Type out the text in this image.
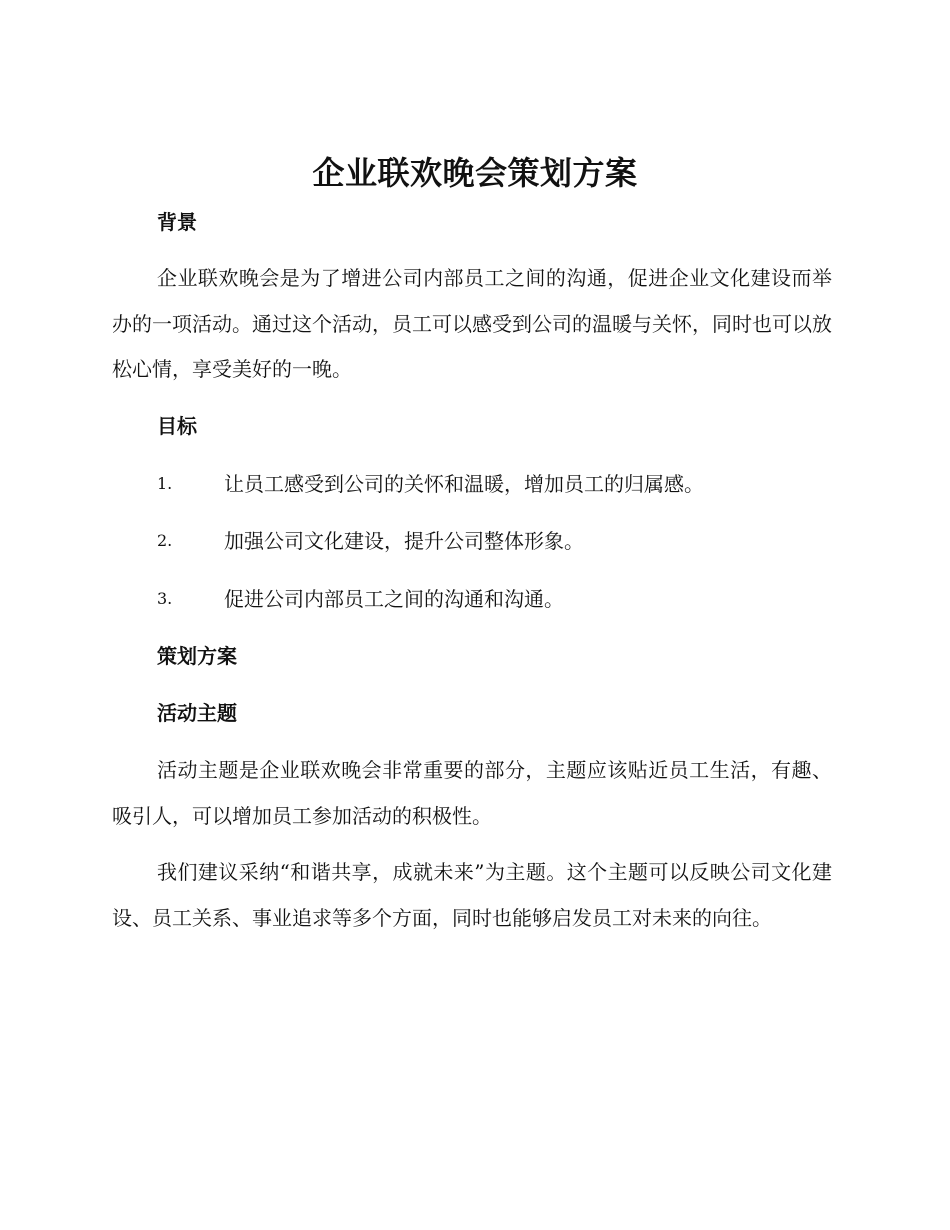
企业联欢晚会策划方案
背景

企业联欢晚会是为了增进公司内部员工之间的沟通，促进企业文化建设而举办的一项活动。通过这个活动，员工可以感受到公司的温暖与关怀，同时也可以放松心情，享受美好的一晚。

目标
1.	让员工感受到公司的关怀和温暖，增加员工的归属感。
2.	加强公司文化建设，提升公司整体形象。
3.	促进公司内部员工之间的沟通和沟通。
策划方案
活动主题

活动主题是企业联欢晚会非常重要的部分，主题应该贴近员工生活，有趣、吸引人，可以增加员工参加活动的积极性。

我们建议采纳“和谐共享，成就未来”为主题。这个主题可以反映公司文化建设、员工关系、事业追求等多个方面，同时也能够启发员工对未来的向往。
